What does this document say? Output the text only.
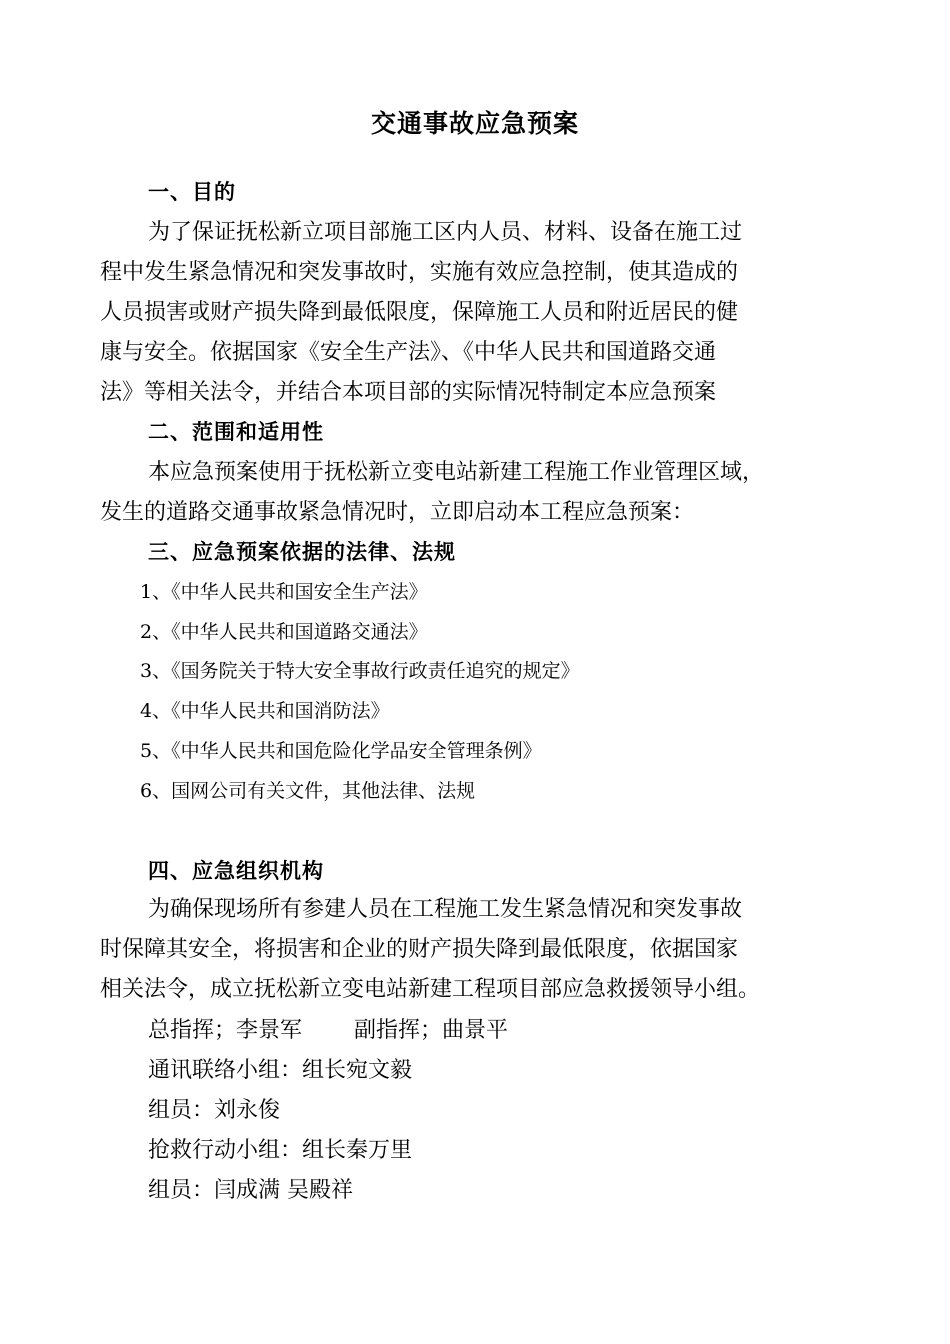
交通事故应急预案
一、目的
为了保证抚松新立项目部施工区内人员、材料、设备在施工过
程中发生紧急情况和突发事故时，实施有效应急控制，使其造成的
人员损害或财产损失降到最低限度，保障施工人员和附近居民的健
康与安全。依据国家《安全生产法》、《中华人民共和国道路交通
法》等相关法令，并结合本项目部的实际情况特制定本应急预案
二、范围和适用性
本应急预案使用于抚松新立变电站新建工程施工作业管理区域，
发生的道路交通事故紧急情况时，立即启动本工程应急预案：
三、应急预案依据的法律、法规
1、《中华人民共和国安全生产法》
2、《中华人民共和国道路交通法》
3、《国务院关于特大安全事故行政责任追究的规定》
4、《中华人民共和国消防法》
5、《中华人民共和国危险化学品安全管理条例》
6、国网公司有关文件，其他法律、法规
四、应急组织机构
为确保现场所有参建人员在工程施工发生紧急情况和突发事故
时保障其安全，将损害和企业的财产损失降到最低限度，依据国家
相关法令，成立抚松新立变电站新建工程项目部应急救援领导小组。
总指挥；李景军 副指挥；曲景平
通讯联络小组：组长宛文毅
组员：刘永俊
抢救行动小组：组长秦万里
组员：闫成满 吴殿祥
